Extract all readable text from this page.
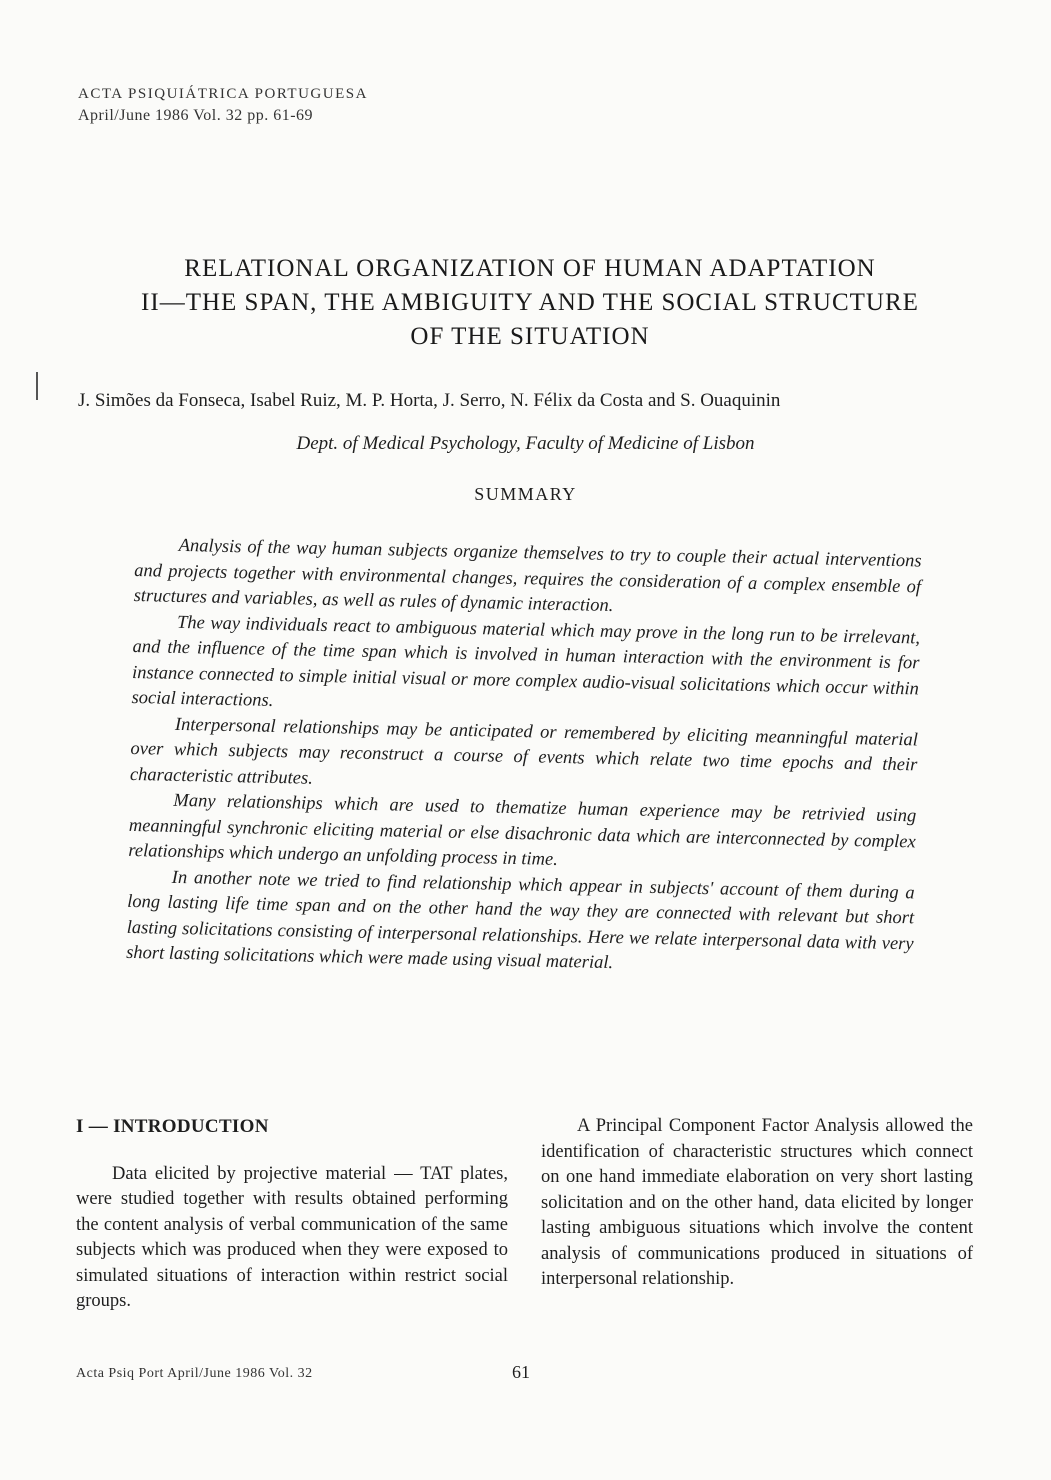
ACTA PSIQUIÁTRICA PORTUGUESA
April/June 1986 Vol. 32 pp. 61-69
RELATIONAL ORGANIZATION OF HUMAN ADAPTATION
II—THE SPAN, THE AMBIGUITY AND THE SOCIAL STRUCTURE
OF THE SITUATION
J. Simões da Fonseca, Isabel Ruiz, M. P. Horta, J. Serro, N. Félix da Costa and S. Ouaquinin
Dept. of Medical Psychology, Faculty of Medicine of Lisbon
SUMMARY

Analysis of the way human subjects organize themselves to try to couple their actual interventions and projects together with environmental changes, requires the consideration of a complex ensemble of structures and variables, as well as rules of dynamic interaction.

The way individuals react to ambiguous material which may prove in the long run to be irrelevant, and the influence of the time span which is involved in human interaction with the environment is for instance connected to simple initial visual or more complex audio-visual solicitations which occur within social interactions.

Interpersonal relationships may be anticipated or remembered by eliciting meanningful material over which subjects may reconstruct a course of events which relate two time epochs and their characteristic attributes.

Many relationships which are used to thematize human experience may be retrivied using meanningful synchronic eliciting material or else disachronic data which are interconnected by complex relationships which undergo an unfolding process in time.

In another note we tried to find relationship which appear in subjects' account of them during a long lasting life time span and on the other hand the way they are connected with relevant but short lasting solicitations consisting of interpersonal relationships. Here we relate interpersonal data with very short lasting solicitations which were made using visual material.

I — INTRODUCTION

Data elicited by projective material — TAT plates, were studied together with results obtained performing the content analysis of verbal communication of the same subjects which was produced when they were exposed to simulated situations of interaction within restrict social groups.

A Principal Component Factor Analysis allowed the identification of characteristic structures which connect on one hand immediate elaboration on very short lasting solicitation and on the other hand, data elicited by longer lasting ambiguous situations which involve the content analysis of communications produced in situations of interpersonal relationship.

Acta Psiq Port April/June 1986 Vol. 32	61
